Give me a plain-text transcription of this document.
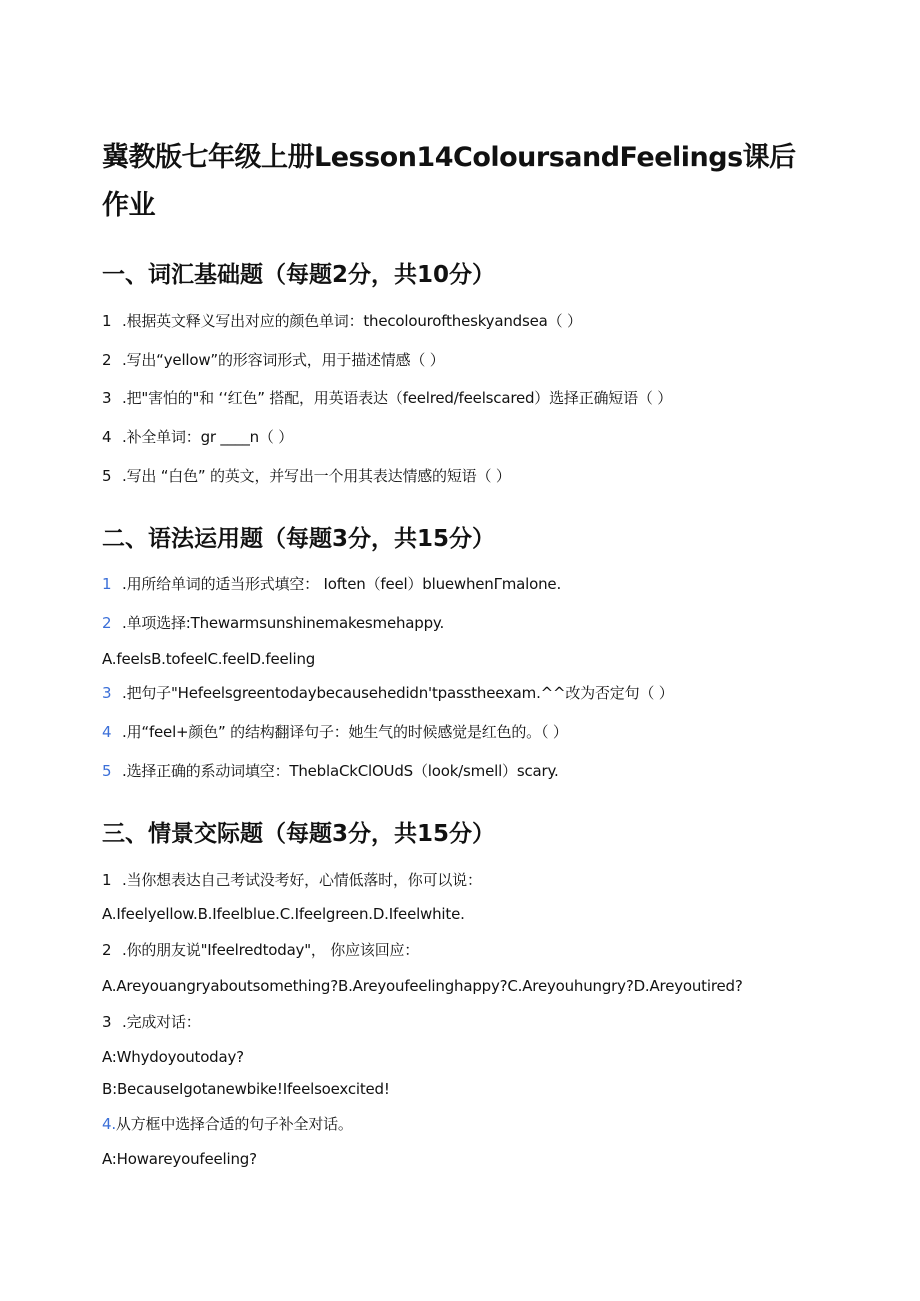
冀教版七年级上册Lesson14ColoursandFeelings课后作业
一、词汇基础题（每题2分，共10分）
1 .根据英文释义写出对应的颜色单词：thecolouroftheskyandsea（ ）
2 .写出“yellow”的形容词形式，用于描述情感（ ）
3 .把"害怕的"和 ‘‘红色” 搭配，用英语表达（feelred/feelscared）选择正确短语（ ）
4 .补全单词：gr ____n（ ）
5 .写出 “白色” 的英文，并写出一个用其表达情感的短语（ ）
二、语法运用题（每题3分，共15分）
1 .用所给单词的适当形式填空： Ioften（feel）bluewhenΓmalone.
2 .单项选择:Thewarmsunshinemakesmehappy.
A.feelsB.tofeelC.feelD.feeling
3 .把句子"Hefeelsgreentodaybecausehedidn'tpasstheexam.^^改为否定句（ ）
4 .用“feel+颜色” 的结构翻译句子：她生气的时候感觉是红色的。（ ）
5 .选择正确的系动词填空：TheblaCkClOUdS（look/smell）scary.
三、情景交际题（每题3分，共15分）
1 .当你想表达自己考试没考好，心情低落时，你可以说：
A.Ifeelyellow.B.Ifeelblue.C.Ifeelgreen.D.Ifeelwhite.
2 .你的朋友说"Ifeelredtoday"， 你应该回应：
A.Areyouangryaboutsomething?B.Areyoufeelinghappy?C.Areyouhungry?D.Areyoutired?
3 .完成对话：
A:Whydoyoutoday?
B:BecauseIgotanewbike!Ifeelsoexcited!
4.从方框中选择合适的句子补全对话。
A:Howareyoufeeling?
